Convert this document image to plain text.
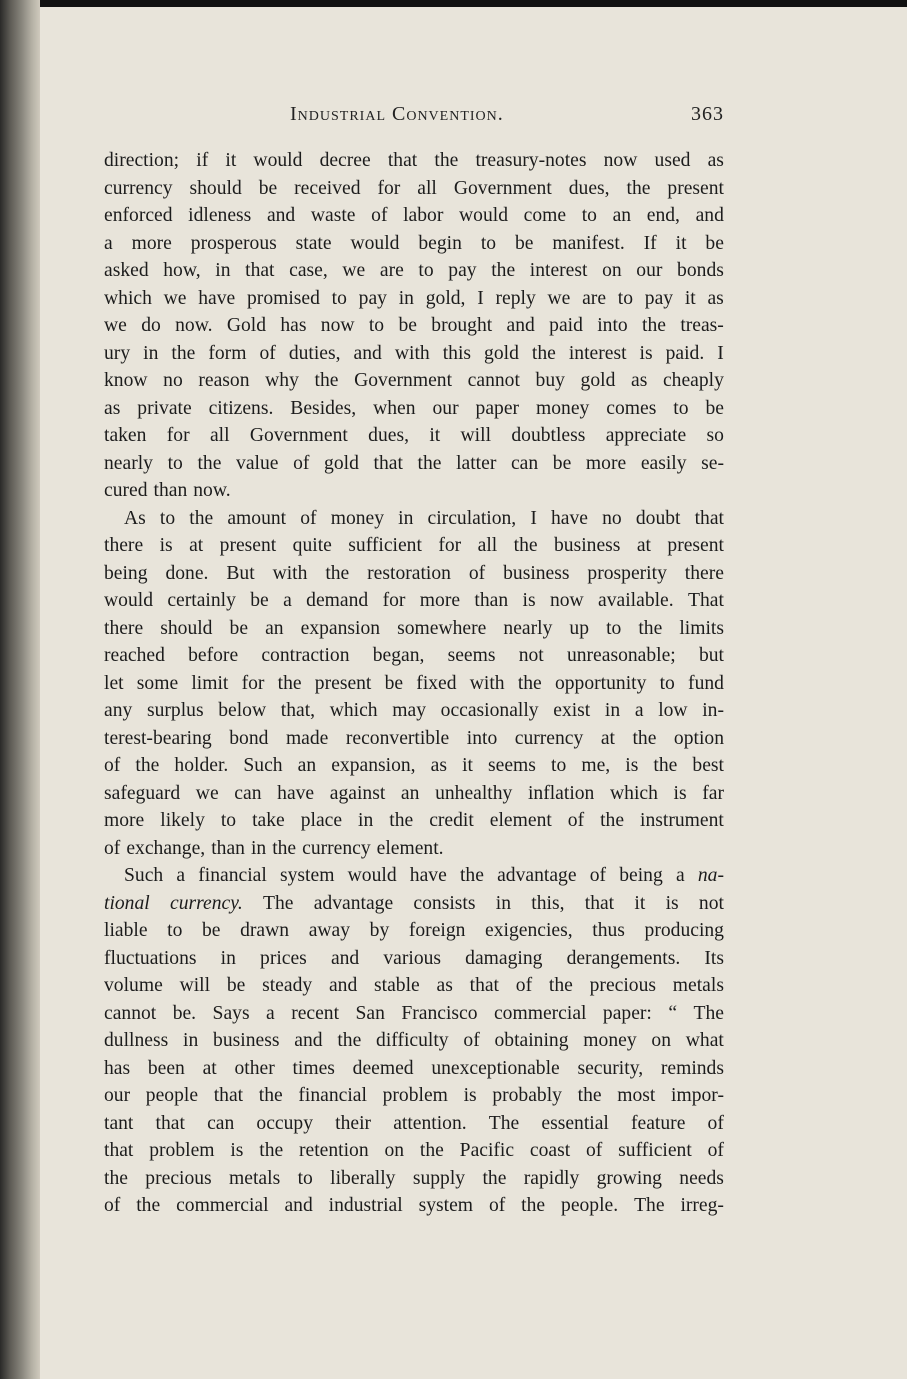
Industrial Convention.	363
direction; if it would decree that the treasury-notes now used as
currency should be received for all Government dues, the present
enforced idleness and waste of labor would come to an end, and
a more prosperous state would begin to be manifest. If it be
asked how, in that case, we are to pay the interest on our bonds
which we have promised to pay in gold, I reply we are to pay it as
we do now. Gold has now to be brought and paid into the treas-
ury in the form of duties, and with this gold the interest is paid. I
know no reason why the Government cannot buy gold as cheaply
as private citizens. Besides, when our paper money comes to be
taken for all Government dues, it will doubtless appreciate so
nearly to the value of gold that the latter can be more easily se-
cured than now.
As to the amount of money in circulation, I have no doubt that
there is at present quite sufficient for all the business at present
being done. But with the restoration of business prosperity there
would certainly be a demand for more than is now available. That
there should be an expansion somewhere nearly up to the limits
reached before contraction began, seems not unreasonable; but
let some limit for the present be fixed with the opportunity to fund
any surplus below that, which may occasionally exist in a low in-
terest-bearing bond made reconvertible into currency at the option
of the holder. Such an expansion, as it seems to me, is the best
safeguard we can have against an unhealthy inflation which is far
more likely to take place in the credit element of the instrument
of exchange, than in the currency element.
Such a financial system would have the advantage of being a na-
tional currency. The advantage consists in this, that it is not
liable to be drawn away by foreign exigencies, thus producing
fluctuations in prices and various damaging derangements. Its
volume will be steady and stable as that of the precious metals
cannot be. Says a recent San Francisco commercial paper: “ The
dullness in business and the difficulty of obtaining money on what
has been at other times deemed unexceptionable security, reminds
our people that the financial problem is probably the most impor-
tant that can occupy their attention. The essential feature of
that problem is the retention on the Pacific coast of sufficient of
the precious metals to liberally supply the rapidly growing needs
of the commercial and industrial system of the people. The irreg-
